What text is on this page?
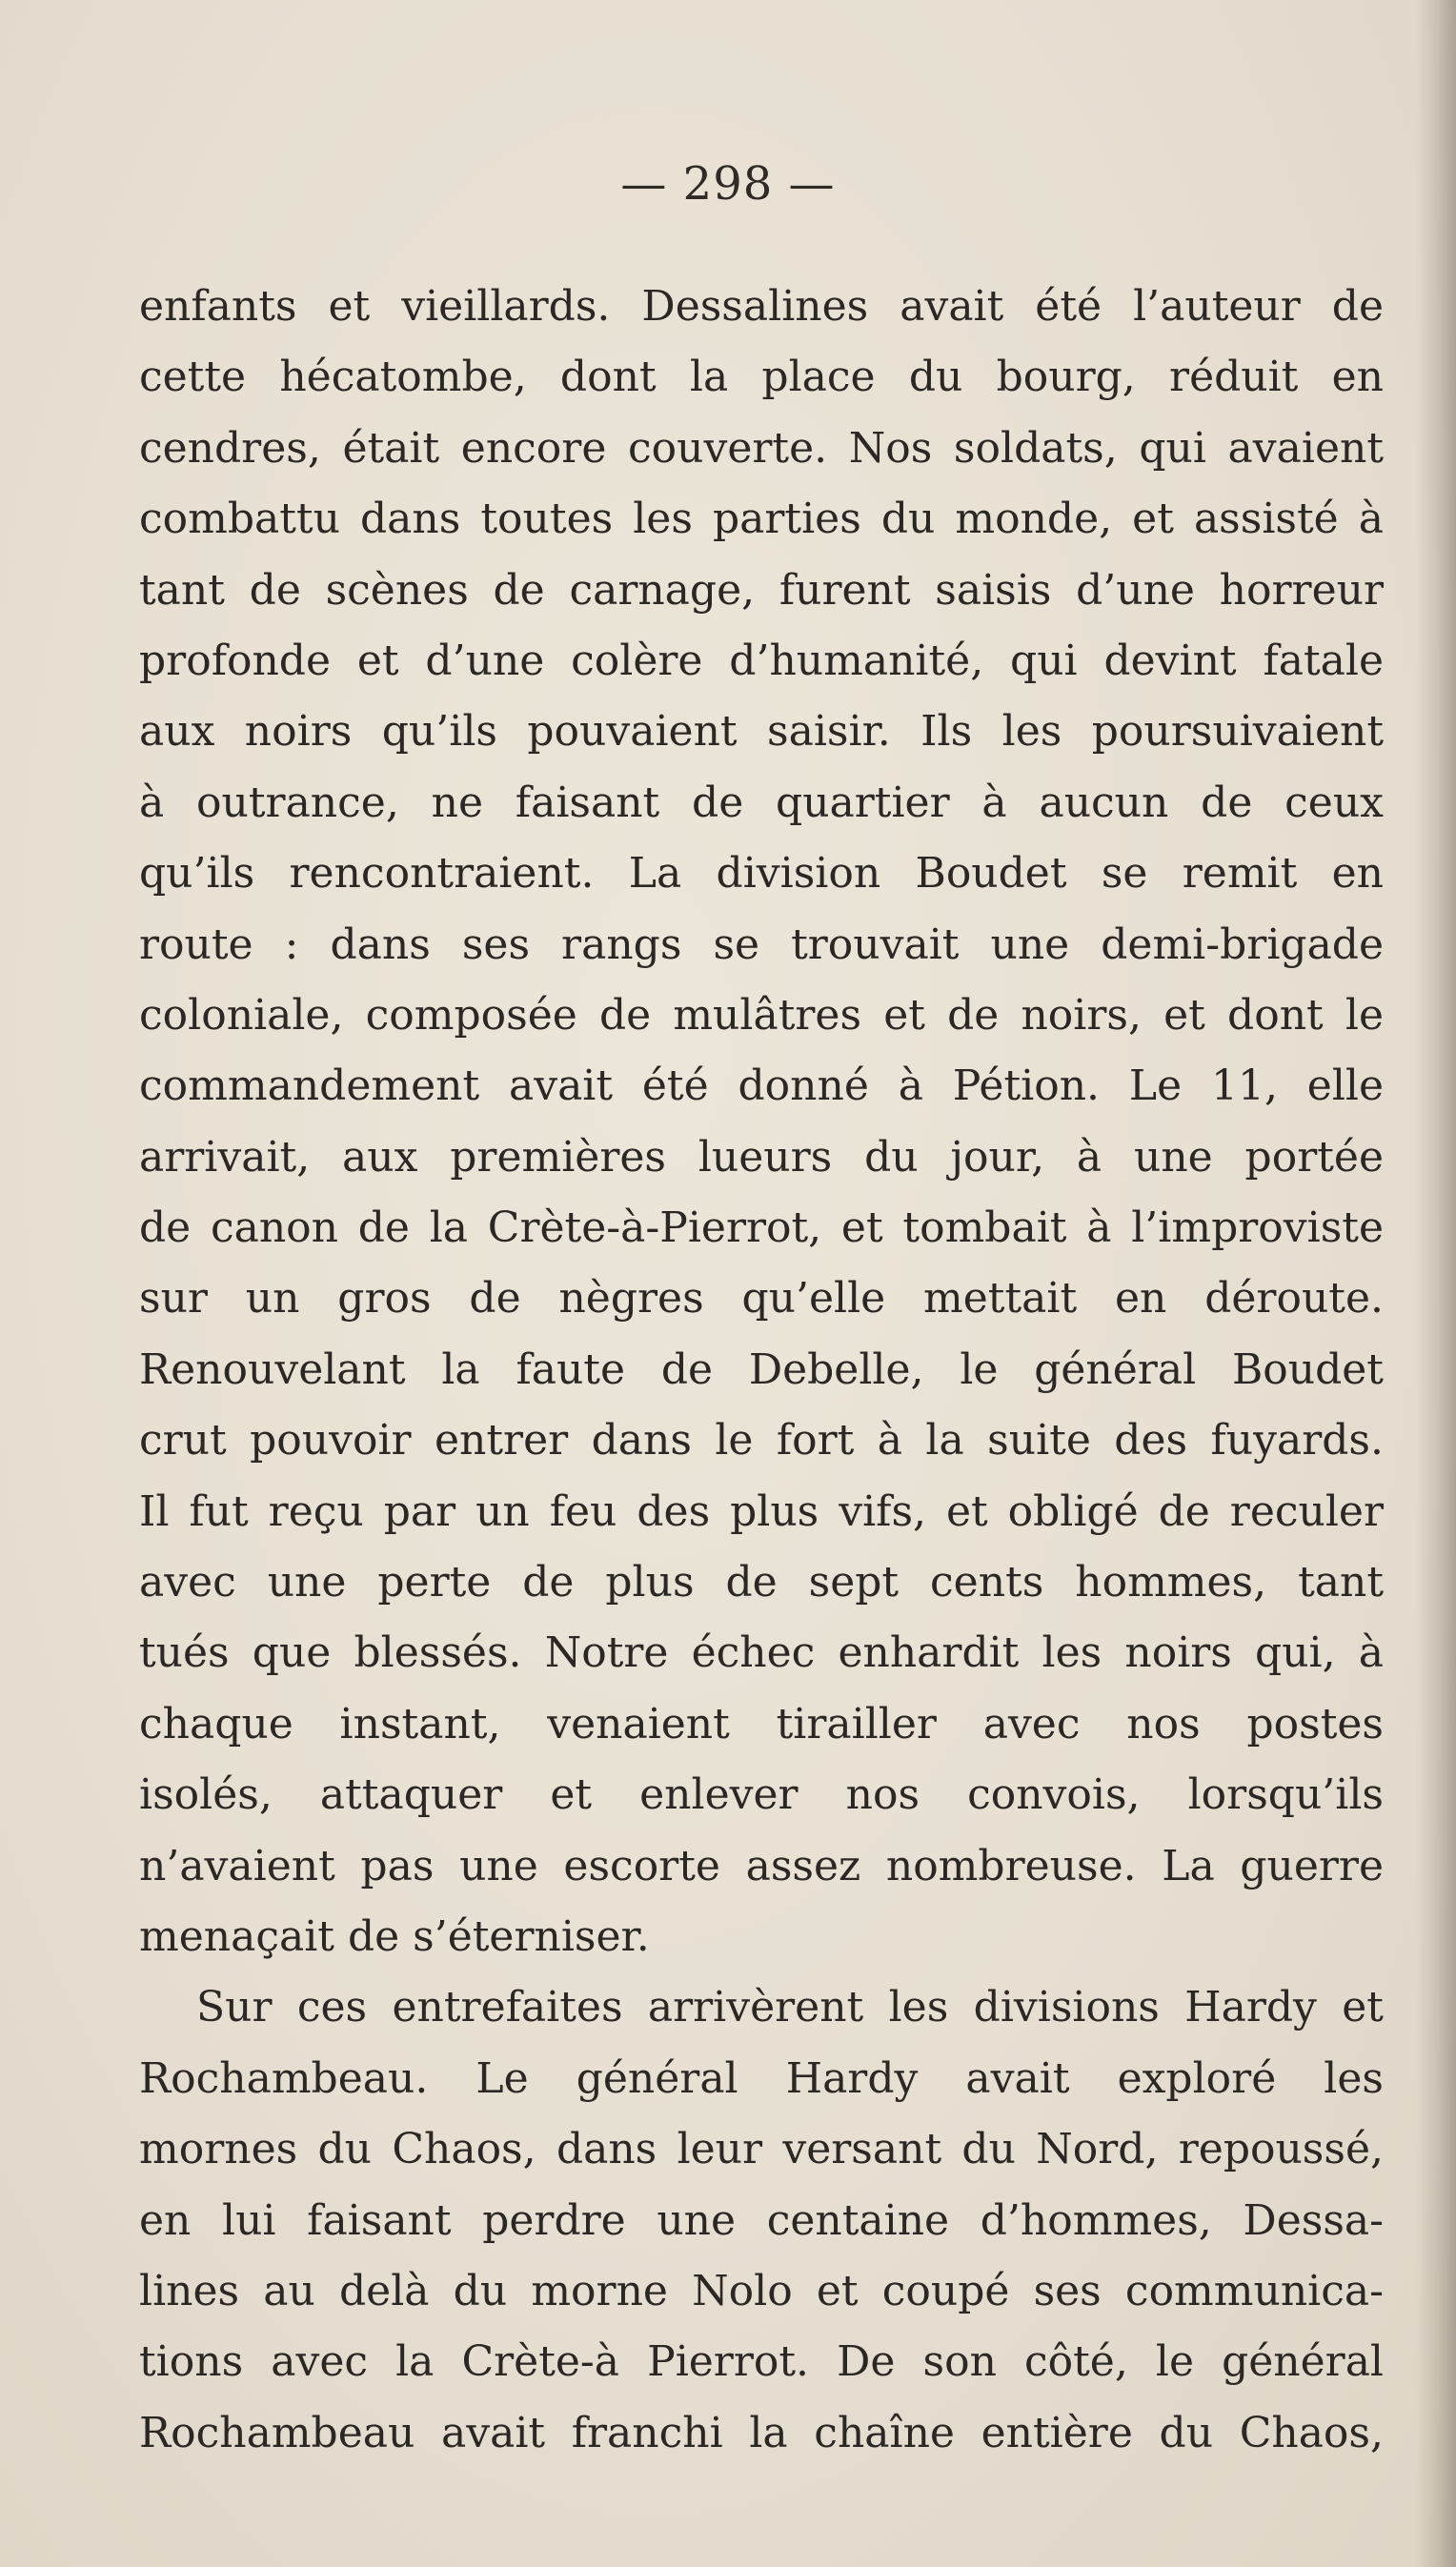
— 298 —
enfants et vieillards. Dessalines avait été l’auteur de
cette hécatombe, dont la place du bourg, réduit en
cendres, était encore couverte. Nos soldats, qui avaient
combattu dans toutes les parties du monde, et assisté à
tant de scènes de carnage, furent saisis d’une horreur
profonde et d’une colère d’humanité, qui devint fatale
aux noirs qu’ils pouvaient saisir. Ils les poursuivaient
à outrance, ne faisant de quartier à aucun de ceux
qu’ils rencontraient. La division Boudet se remit en
route : dans ses rangs se trouvait une demi-brigade
coloniale, composée de mulâtres et de noirs, et dont le
commandement avait été donné à Pétion. Le 11, elle
arrivait, aux premières lueurs du jour, à une portée
de canon de la Crète-à-Pierrot, et tombait à l’improviste
sur un gros de nègres qu’elle mettait en déroute.
Renouvelant la faute de Debelle, le général Boudet
crut pouvoir entrer dans le fort à la suite des fuyards.
Il fut reçu par un feu des plus vifs, et obligé de reculer
avec une perte de plus de sept cents hommes, tant
tués que blessés. Notre échec enhardit les noirs qui, à
chaque instant, venaient tirailler avec nos postes
isolés, attaquer et enlever nos convois, lorsqu’ils
n’avaient pas une escorte assez nombreuse. La guerre
menaçait de s’éterniser.
Sur ces entrefaites arrivèrent les divisions Hardy et
Rochambeau. Le général Hardy avait exploré les
mornes du Chaos, dans leur versant du Nord, repoussé,
en lui faisant perdre une centaine d’hommes, Dessa-
lines au delà du morne Nolo et coupé ses communica-
tions avec la Crète-à Pierrot. De son côté, le général
Rochambeau avait franchi la chaîne entière du Chaos,
